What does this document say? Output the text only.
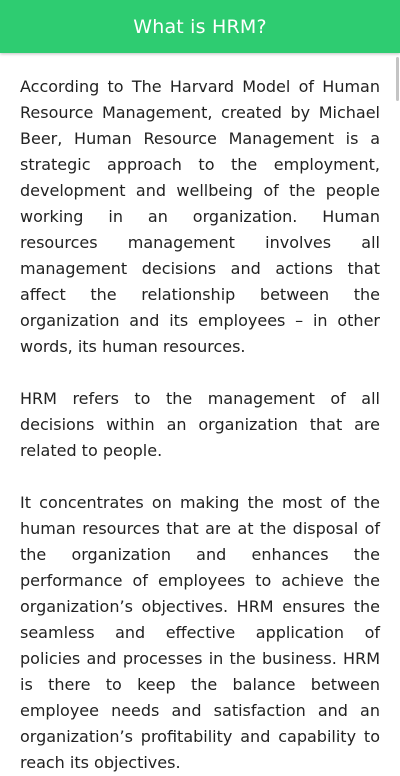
What is HRM?

According to The Harvard Model of Human Resource Management, created by Michael Beer, Human Resource Management is a strategic approach to the employment, development and wellbeing of the people working in an organization. Human resources management involves all management decisions and actions that affect the relationship between the organization and its employees – in other words, its human resources.

HRM refers to the management of all decisions within an organization that are related to people.

It concentrates on making the most of the human resources that are at the disposal of the organization and enhances the performance of employees to achieve the organization’s objectives. HRM ensures the seamless and effective application of policies and processes in the business. HRM is there to keep the balance between employee needs and satisfaction and an organization’s profitability and capability to reach its objectives.
